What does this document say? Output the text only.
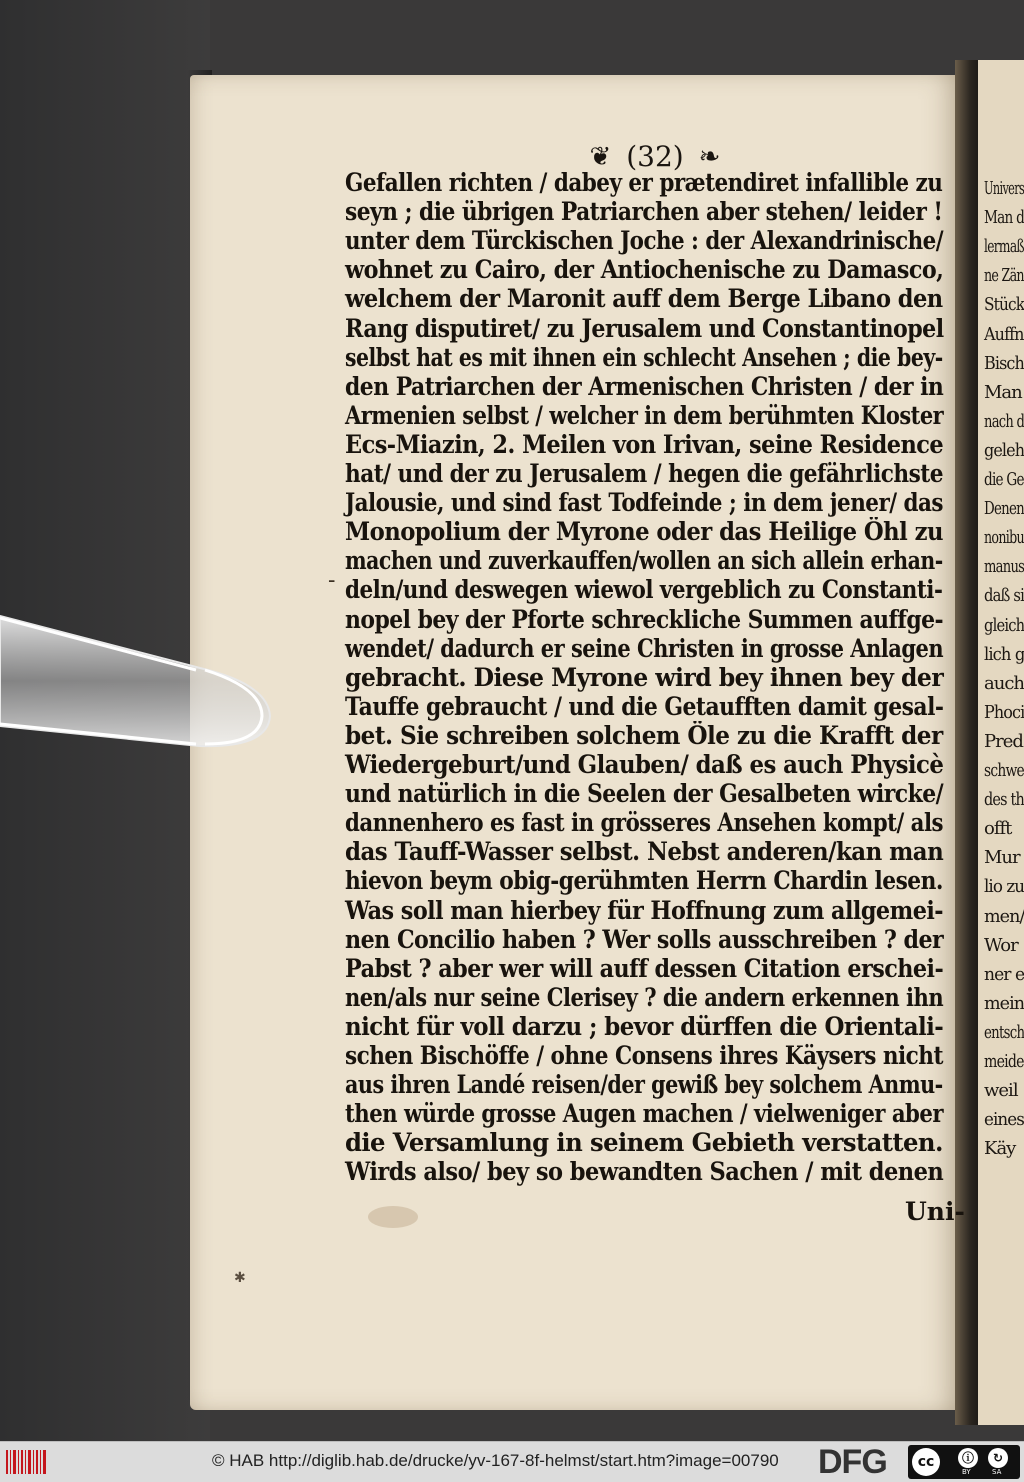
Univers
Man d
lermaß
ne Zän
Stück
Auffn
Bisch
Man
nach d
geleh
die Ge
Denen
nonibu
manus
daß si
gleich
lich g
auch
Phoci
Pred
schwe
des th
offt
Mur
lio zu
men/
Wor
ner e
mein
entsch
meide
weil
eines
Käy
❦ (32) ❧
Gefallen richten / dabey er prætendiret infallible zu
seyn ; die übrigen Patriarchen aber stehen/ leider !
unter dem Türckischen Joche : der Alexandrinische/
wohnet zu Cairo, der Antiochenische zu Damasco,
welchem der Maronit auff dem Berge Libano den
Rang disputiret/ zu Jerusalem und Constantinopel
selbst hat es mit ihnen ein schlecht Ansehen ; die bey-
den Patriarchen der Armenischen Christen / der in
Armenien selbst / welcher in dem berühmten Kloster
Ecs-Miazin, 2. Meilen von Irivan, seine Residence
hat/ und der zu Jerusalem / hegen die gefährlichste
Jalousie, und sind fast Todfeinde ; in dem jener/ das
Monopolium der Myrone oder das Heilige Öhl zu
machen und zuverkauffen/wollen an sich allein erhan-
deln/und deswegen wiewol vergeblich zu Constanti-
nopel bey der Pforte schreckliche Summen auffge-
wendet/ dadurch er seine Christen in grosse Anlagen
gebracht. Diese Myrone wird bey ihnen bey der
Tauffe gebraucht / und die Getaufften damit gesal-
bet. Sie schreiben solchem Öle zu die Krafft der
Wiedergeburt/und Glauben/ daß es auch Physicè
und natürlich in die Seelen der Gesalbeten wircke/
dannenhero es fast in grösseres Ansehen kompt/ als
das Tauff-Wasser selbst. Nebst anderen/kan man
hievon beym obig-gerühmten Herrn Chardin lesen.
Was soll man hierbey für Hoffnung zum allgemei-
nen Concilio haben ? Wer solls ausschreiben ? der
Pabst ? aber wer will auff dessen Citation erschei-
nen/als nur seine Clerisey ? die andern erkennen ihn
nicht für voll darzu ; bevor dürffen die Orientali-
schen Bischöffe / ohne Consens ihres Käysers nicht
aus ihren Landé reisen/der gewiß bey solchem Anmu-
then würde grosse Augen machen / vielweniger aber
die Versamlung in seinem Gebieth verstatten.
Wirds also/ bey so bewandten Sachen / mit denen
-
Uni-
✱
© HAB http://diglib.hab.de/drucke/yv-167-8f-helmst/start.htm?image=00790 DFG	cc	ⓘ	↻
BY	SA
